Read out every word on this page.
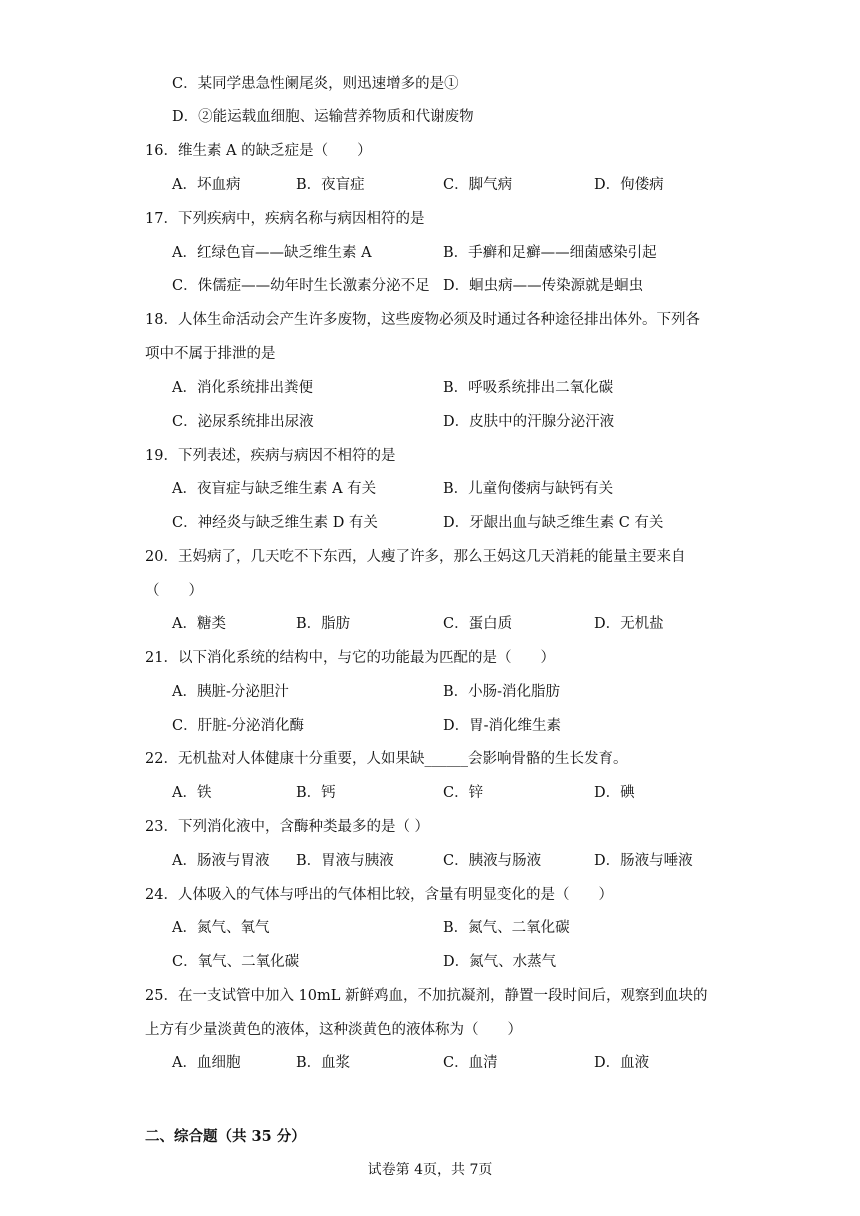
C．某同学患急性阑尾炎，则迅速增多的是①
D．②能运载血细胞、运输营养物质和代谢废物
16．维生素 A 的缺乏症是（　　）
A．坏血病	B．夜盲症	C．脚气病	D．佝偻病
17．下列疾病中，疾病名称与病因相符的是
A．红绿色盲——缺乏维生素 A	B．手癣和足癣——细菌感染引起
C．侏儒症——幼年时生长激素分泌不足 D．蛔虫病——传染源就是蛔虫
18．人体生命活动会产生许多废物，这些废物必须及时通过各种途径排出体外。下列各
项中不属于排泄的是
A．消化系统排出粪便	B．呼吸系统排出二氧化碳
C．泌尿系统排出尿液	D．皮肤中的汗腺分泌汗液
19．下列表述，疾病与病因不相符的是
A．夜盲症与缺乏维生素 A 有关	B．儿童佝偻病与缺钙有关
C．神经炎与缺乏维生素 D 有关	D．牙龈出血与缺乏维生素 C 有关
20．王妈病了，几天吃不下东西，人瘦了许多，那么王妈这几天消耗的能量主要来自
（　　）
A．糖类	B．脂肪	C．蛋白质	D．无机盐
21．以下消化系统的结构中，与它的功能最为匹配的是（　　）
A．胰脏-分泌胆汁	B．小肠-消化脂肪
C．肝脏-分泌消化酶	D．胃-消化维生素
22．无机盐对人体健康十分重要，人如果缺______会影响骨骼的生长发育。
A．铁	B．钙	C．锌	D．碘
23．下列消化液中，含酶种类最多的是（ ）
A．肠液与胃液 B．胃液与胰液	C．胰液与肠液	D．肠液与唾液
24．人体吸入的气体与呼出的气体相比较，含量有明显变化的是（　　）
A．氮气、氧气	B．氮气、二氧化碳
C．氧气、二氧化碳	D．氮气、水蒸气
25．在一支试管中加入 10mL 新鲜鸡血，不加抗凝剂，静置一段时间后，观察到血块的
上方有少量淡黄色的液体，这种淡黄色的液体称为（　　）
A．血细胞	B．血浆	C．血清	D．血液
二、综合题（共 35 分）
试卷第 4页，共 7页
